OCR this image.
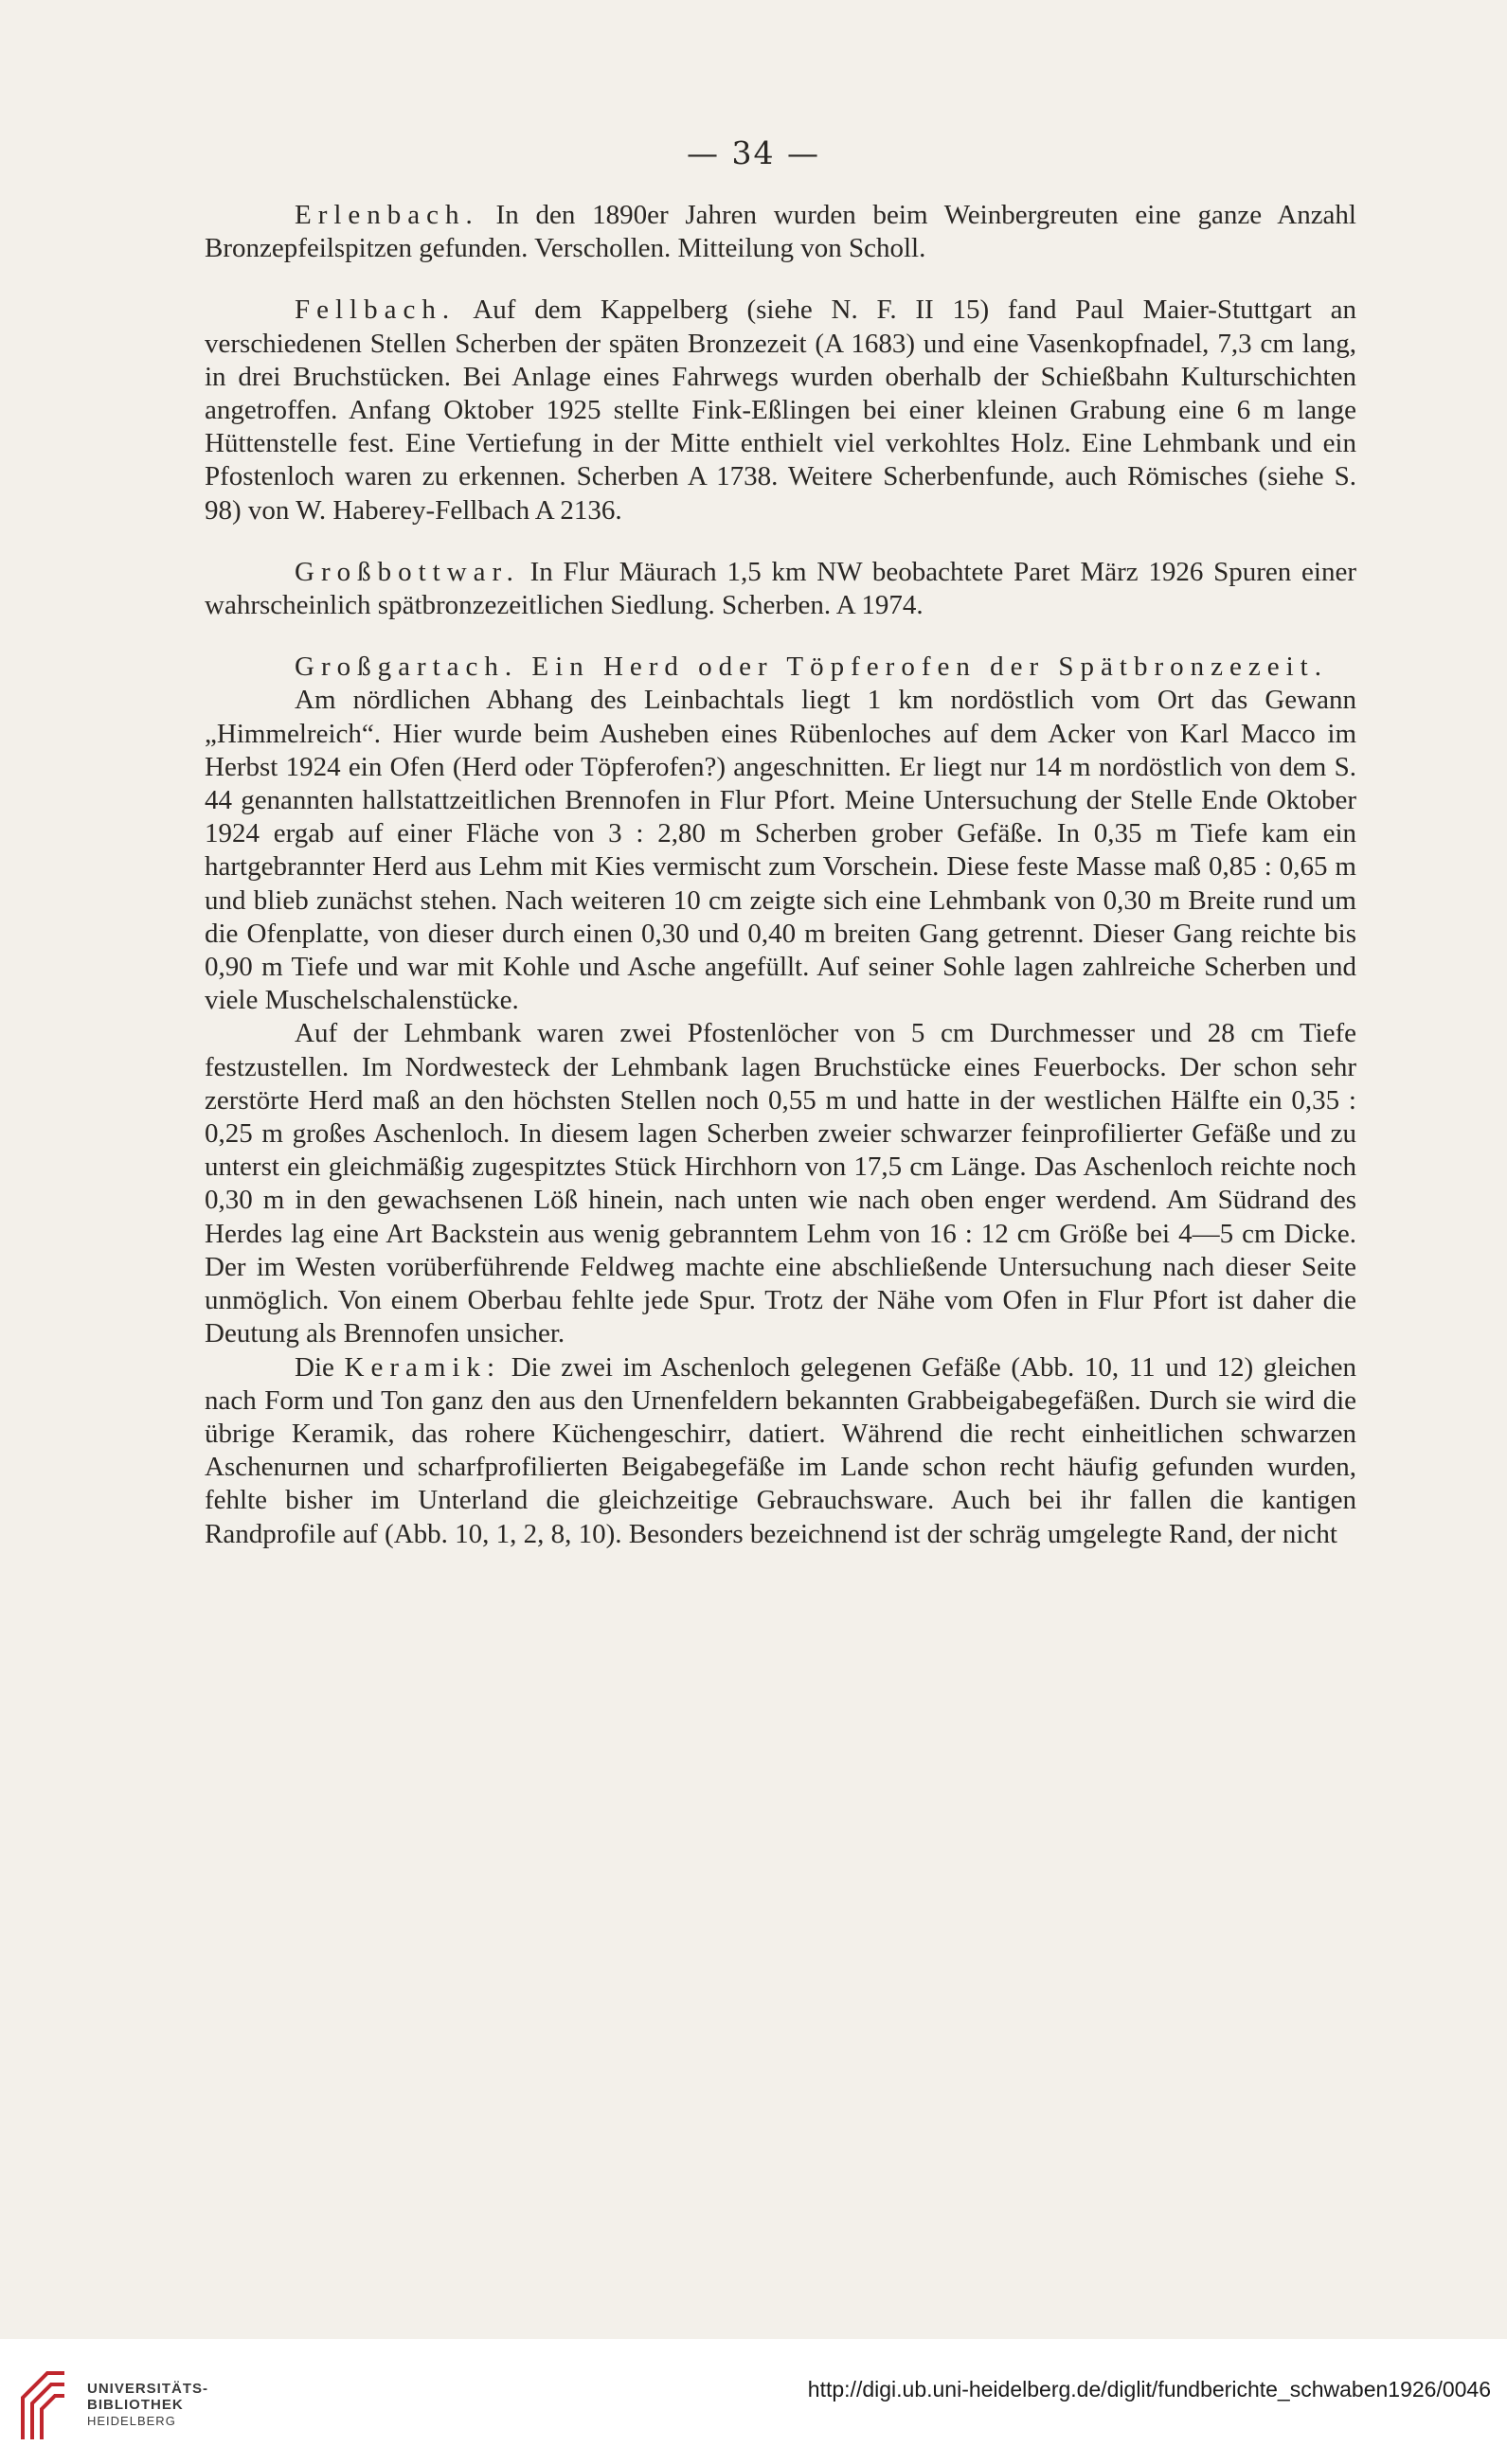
— 34 —

Erlenbach. In den 1890er Jahren wurden beim Weinbergreuten eine ganze Anzahl Bronzepfeilspitzen gefunden. Verschollen. Mitteilung von Scholl.

Fellbach. Auf dem Kappelberg (siehe N. F. II 15) fand Paul Maier-Stuttgart an verschiedenen Stellen Scherben der späten Bronzezeit (A 1683) und eine Vasenkopfnadel, 7,3 cm lang, in drei Bruchstücken. Bei Anlage eines Fahrwegs wurden oberhalb der Schießbahn Kulturschichten angetroffen. Anfang Oktober 1925 stellte Fink-Eßlingen bei einer kleinen Grabung eine 6 m lange Hüttenstelle fest. Eine Vertiefung in der Mitte enthielt viel verkohltes Holz. Eine Lehmbank und ein Pfostenloch waren zu erkennen. Scherben A 1738. Weitere Scherbenfunde, auch Römisches (siehe S. 98) von W. Haberey-Fellbach A 2136.

Großbottwar. In Flur Mäurach 1,5 km NW beobachtete Paret März 1926 Spuren einer wahrscheinlich spätbronzezeitlichen Siedlung. Scherben. A 1974.

Großgartach. Ein Herd oder Töpferofen der Spätbronzezeit.

Am nördlichen Abhang des Leinbachtals liegt 1 km nordöstlich vom Ort das Gewann „Himmelreich“. Hier wurde beim Ausheben eines Rübenloches auf dem Acker von Karl Macco im Herbst 1924 ein Ofen (Herd oder Töpferofen?) angeschnitten. Er liegt nur 14 m nordöstlich von dem S. 44 genannten hallstattzeitlichen Brennofen in Flur Pfort. Meine Untersuchung der Stelle Ende Oktober 1924 ergab auf einer Fläche von 3 : 2,80 m Scherben grober Gefäße. In 0,35 m Tiefe kam ein hartgebrannter Herd aus Lehm mit Kies vermischt zum Vorschein. Diese feste Masse maß 0,85 : 0,65 m und blieb zunächst stehen. Nach weiteren 10 cm zeigte sich eine Lehmbank von 0,30 m Breite rund um die Ofenplatte, von dieser durch einen 0,30 und 0,40 m breiten Gang getrennt. Dieser Gang reichte bis 0,90 m Tiefe und war mit Kohle und Asche angefüllt. Auf seiner Sohle lagen zahlreiche Scherben und viele Muschelschalenstücke.

Auf der Lehmbank waren zwei Pfostenlöcher von 5 cm Durchmesser und 28 cm Tiefe festzustellen. Im Nordwesteck der Lehmbank lagen Bruchstücke eines Feuerbocks. Der schon sehr zerstörte Herd maß an den höchsten Stellen noch 0,55 m und hatte in der westlichen Hälfte ein 0,35 : 0,25 m großes Aschenloch. In diesem lagen Scherben zweier schwarzer feinprofilierter Gefäße und zu unterst ein gleichmäßig zugespitztes Stück Hirchhorn von 17,5 cm Länge. Das Aschenloch reichte noch 0,30 m in den gewachsenen Löß hinein, nach unten wie nach oben enger werdend. Am Südrand des Herdes lag eine Art Backstein aus wenig gebranntem Lehm von 16 : 12 cm Größe bei 4—5 cm Dicke. Der im Westen vorüberführende Feldweg machte eine abschließende Untersuchung nach dieser Seite unmöglich. Von einem Oberbau fehlte jede Spur. Trotz der Nähe vom Ofen in Flur Pfort ist daher die Deutung als Brennofen unsicher.

Die Keramik: Die zwei im Aschenloch gelegenen Gefäße (Abb. 10, 11 und 12) gleichen nach Form und Ton ganz den aus den Urnenfeldern bekannten Grabbeigabegefäßen. Durch sie wird die übrige Keramik, das rohere Küchengeschirr, datiert. Während die recht einheitlichen schwarzen Aschenurnen und scharfprofilierten Beigabegefäße im Lande schon recht häufig gefunden wurden, fehlte bisher im Unterland die gleichzeitige Gebrauchsware. Auch bei ihr fallen die kantigen Randprofile auf (Abb. 10, 1, 2, 8, 10). Besonders bezeichnend ist der schräg umgelegte Rand, der nicht

UNIVERSITÄTS-
BIBLIOTHEK
HEIDELBERG
http://digi.ub.uni-heidelberg.de/diglit/fundberichte_schwaben1926/0046
